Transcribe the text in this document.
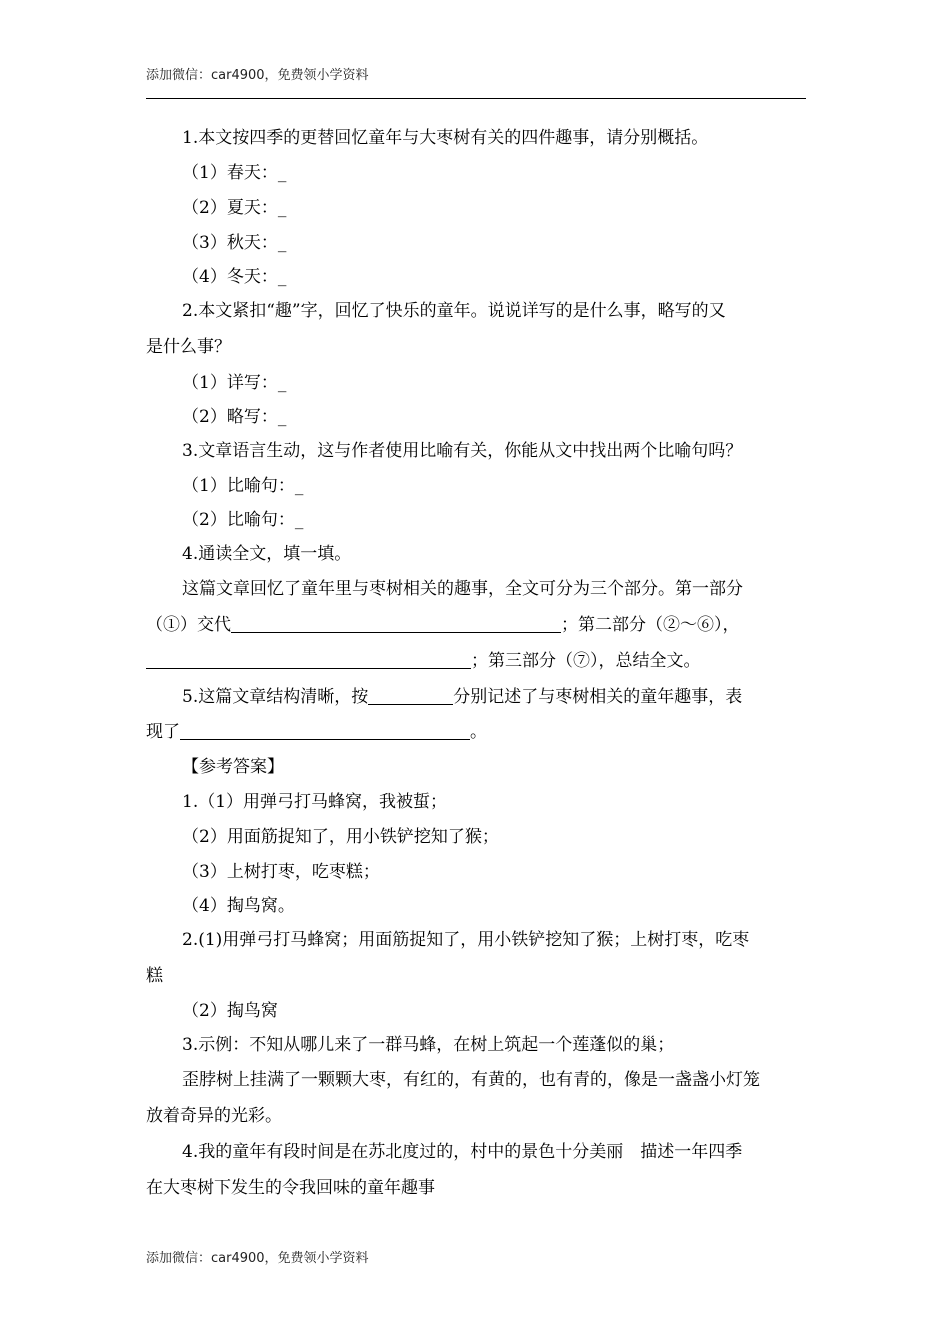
添加微信：car4900，免费领小学资料
1.本文按四季的更替回忆童年与大枣树有关的四件趣事，请分别概括。
（1）春天：_
（2）夏天：_
（3）秋天：_
（4）冬天：_
2.本文紧扣“趣”字，回忆了快乐的童年。说说详写的是什么事，略写的又
是什么事？
（1）详写：_
（2）略写：_
3.文章语言生动，这与作者使用比喻有关，你能从文中找出两个比喻句吗？
（1）比喻句：_
（2）比喻句：_
4.通读全文，填一填。
这篇文章回忆了童年里与枣树相关的趣事，全文可分为三个部分。第一部分
（①）交代	；第二部分（②～⑥），
；第三部分（⑦），总结全文。
5.这篇文章结构清晰，按	分别记述了与枣树相关的童年趣事，表
现了	。
【参考答案】
1.（1）用弹弓打马蜂窝，我被蜇；
（2）用面筋捉知了，用小铁铲挖知了猴；
（3）上树打枣，吃枣糕；
（4）掏鸟窝。
2.(1)用弹弓打马蜂窝；用面筋捉知了，用小铁铲挖知了猴；上树打枣，吃枣
糕
（2）掏鸟窝
3.示例：不知从哪儿来了一群马蜂，在树上筑起一个莲蓬似的巢；
歪脖树上挂满了一颗颗大枣，有红的，有黄的，也有青的，像是一盏盏小灯笼
放着奇异的光彩。
4.我的童年有段时间是在苏北度过的，村中的景色十分美丽　描述一年四季
在大枣树下发生的令我回味的童年趣事
添加微信：car4900，免费领小学资料
